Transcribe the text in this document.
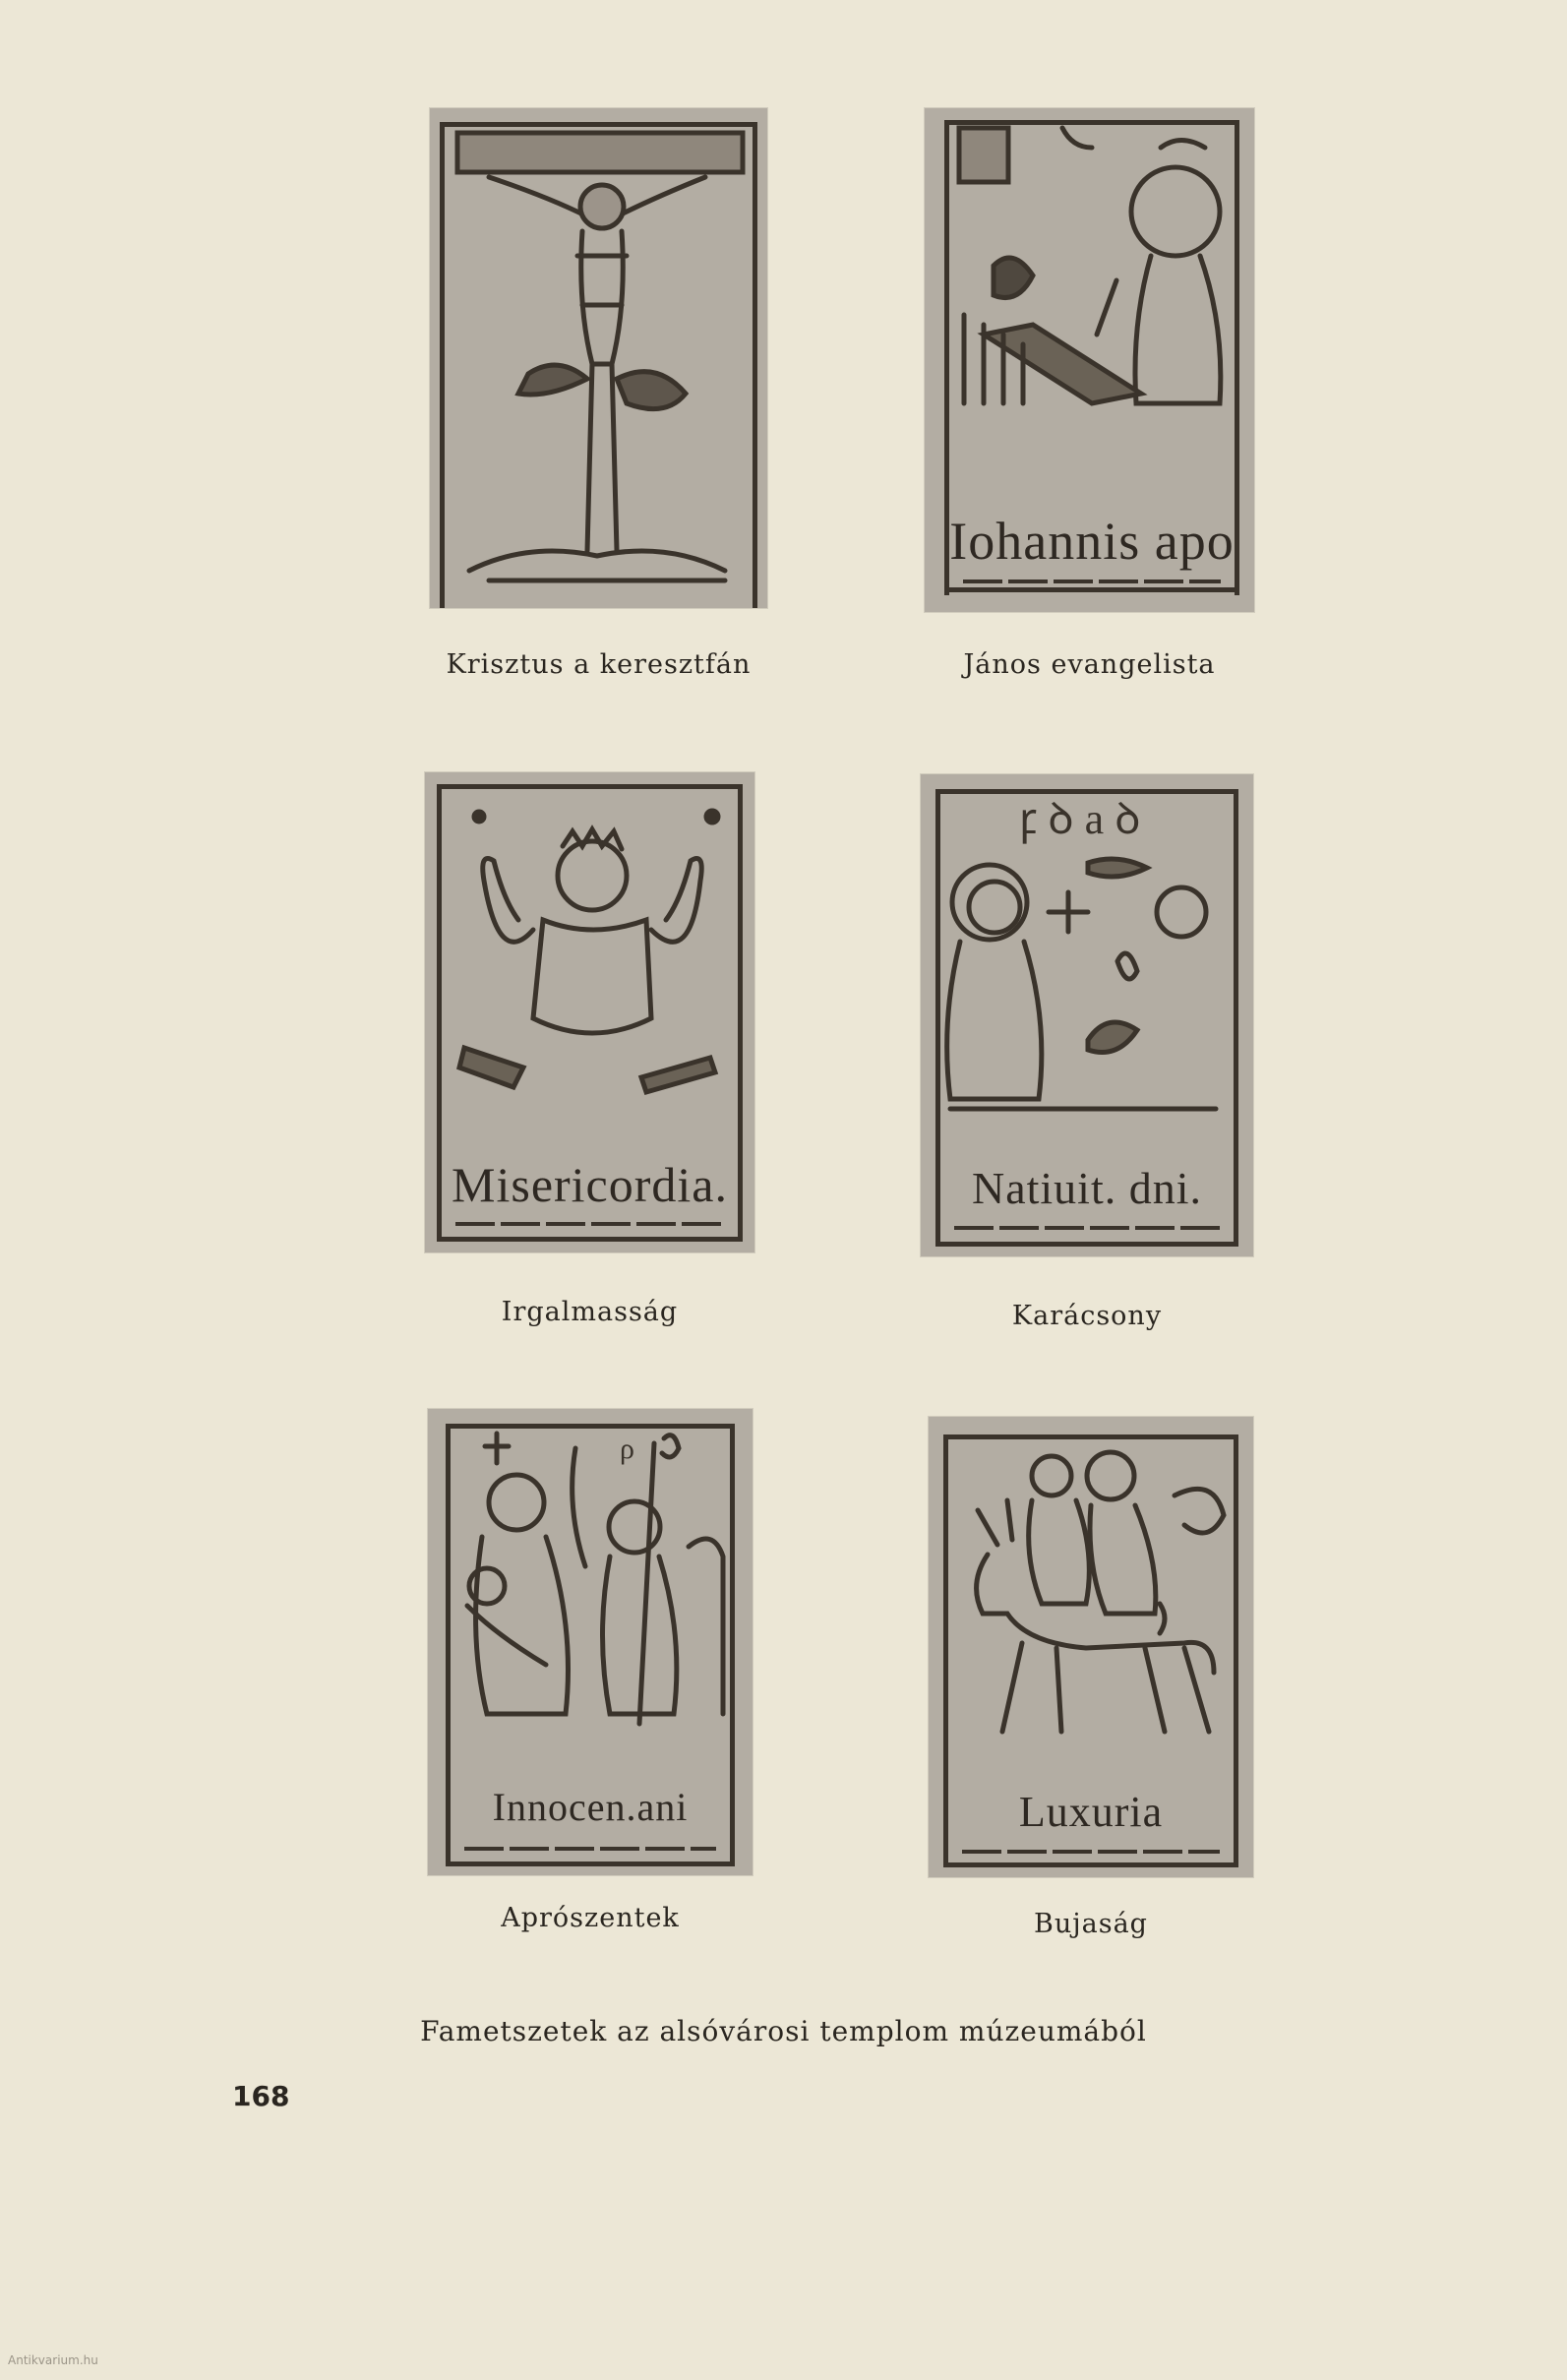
Krisztus a keresztfán
Iohannis apo
János evangelista
Misericordia.
Irgalmasság
ꝼ ꝺ a ꝺ
Natiuit. dni.
Karácsony
ρ
Innocen.ani
Aprószentek
Luxuria
Bujaság
Fametszetek az alsóvárosi templom múzeumából
168
Antikvarium.hu
